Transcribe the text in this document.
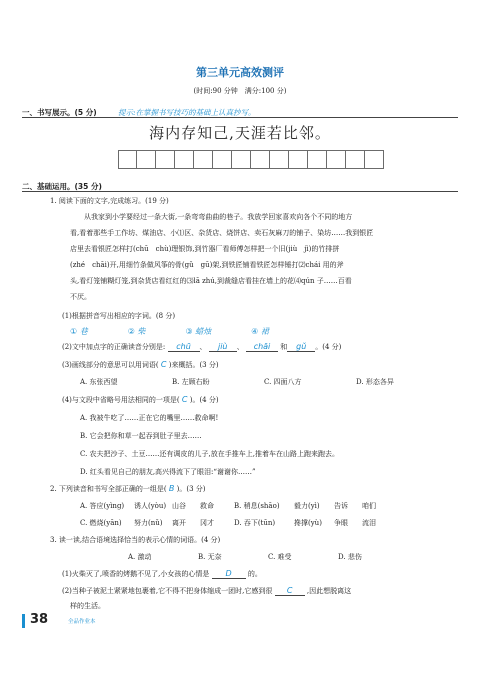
第三单元高效测评
(时间:90 分钟　满分:100 分)
一、书写展示。(5 分)	提示:在掌握书写技巧的基础上认真抄写。
海内存知己,天涯若比邻。
二、基础运用。(35 分)
1. 阅读下面的文字,完成练习。(19 分)
从我家到小学要经过一条大街,一条弯弯曲曲的巷子。我放学回家喜欢向各个不同的地方
看,看着那些手工作坊、煤油店、小⑴区、杂货店、烧饼店、卖石灰麻刀的铺子、染坊……我到银匠
店里去看银匠怎样打(chū　chù)理银饰,到竹器厂看师傅怎样把一个旧(jiù　jì)的竹排拼
(zhé　chāi)开,用细竹条做风筝的骨(gǔ　gū)架,到铁匠铺看铁匠怎样锤打⑵chái 用的斧
头,看灯笼铺糊灯笼,到杂货店看红红的⑶lā zhú,到裁缝店看挂在墙上的花⑷qún 子……百看
不厌。
(1)根据拼音写出相应的字词。(8 分)
① 巷	② 柴	③ 蜡烛	④ 裙
(2)文中加点字的正确读音分别是: chū 、 jiù 、 chāi 和 gǔ 。(4 分)
(3)画线部分的意思可以用词语( C )来概括。(3 分)
A. 东张西望	B. 左顾右盼	C. 四面八方	D. 形态各异
(4)与文段中省略号用法相同的一项是( C )。(4 分)
A. 我被牛吃了……正在它的嘴里……救命啊!
B. 它会把你和草一起吞到肚子里去……
C. 农夫把沙子、土豆……还有调皮的儿子,放在手推车上,推着车在山路上跑来跑去。
D. 红头看见自己的朋友,高兴得流下了眼泪:“谢谢你……”
2. 下列读音和书写全部正确的一组是( B )。(3 分)
A. 答应(yìng)	诱人(yòu) 山谷	救命	B. 稍息(shāo)	毅力(yì)	告诉	咱们
C. 燃烧(yān)	努力(nǔ)	离开	冈才	D. 吞下(tūn)	搀撑(yù)	争眼	流泪
3. 读一读,结合语境选择恰当的表示心情的词语。(4 分)
A. 激动	B. 无奈	C. 难受	D. 悲伤
(1)火柴灭了,喷香的烤鹅不见了,小女孩的心情是 D 的。
(2)当种子被泥土紧紧地包裹着,它不得不把身体缩成一团时,它感到很 C ,因此想脱离这
样的生活。
38	全品作业本
